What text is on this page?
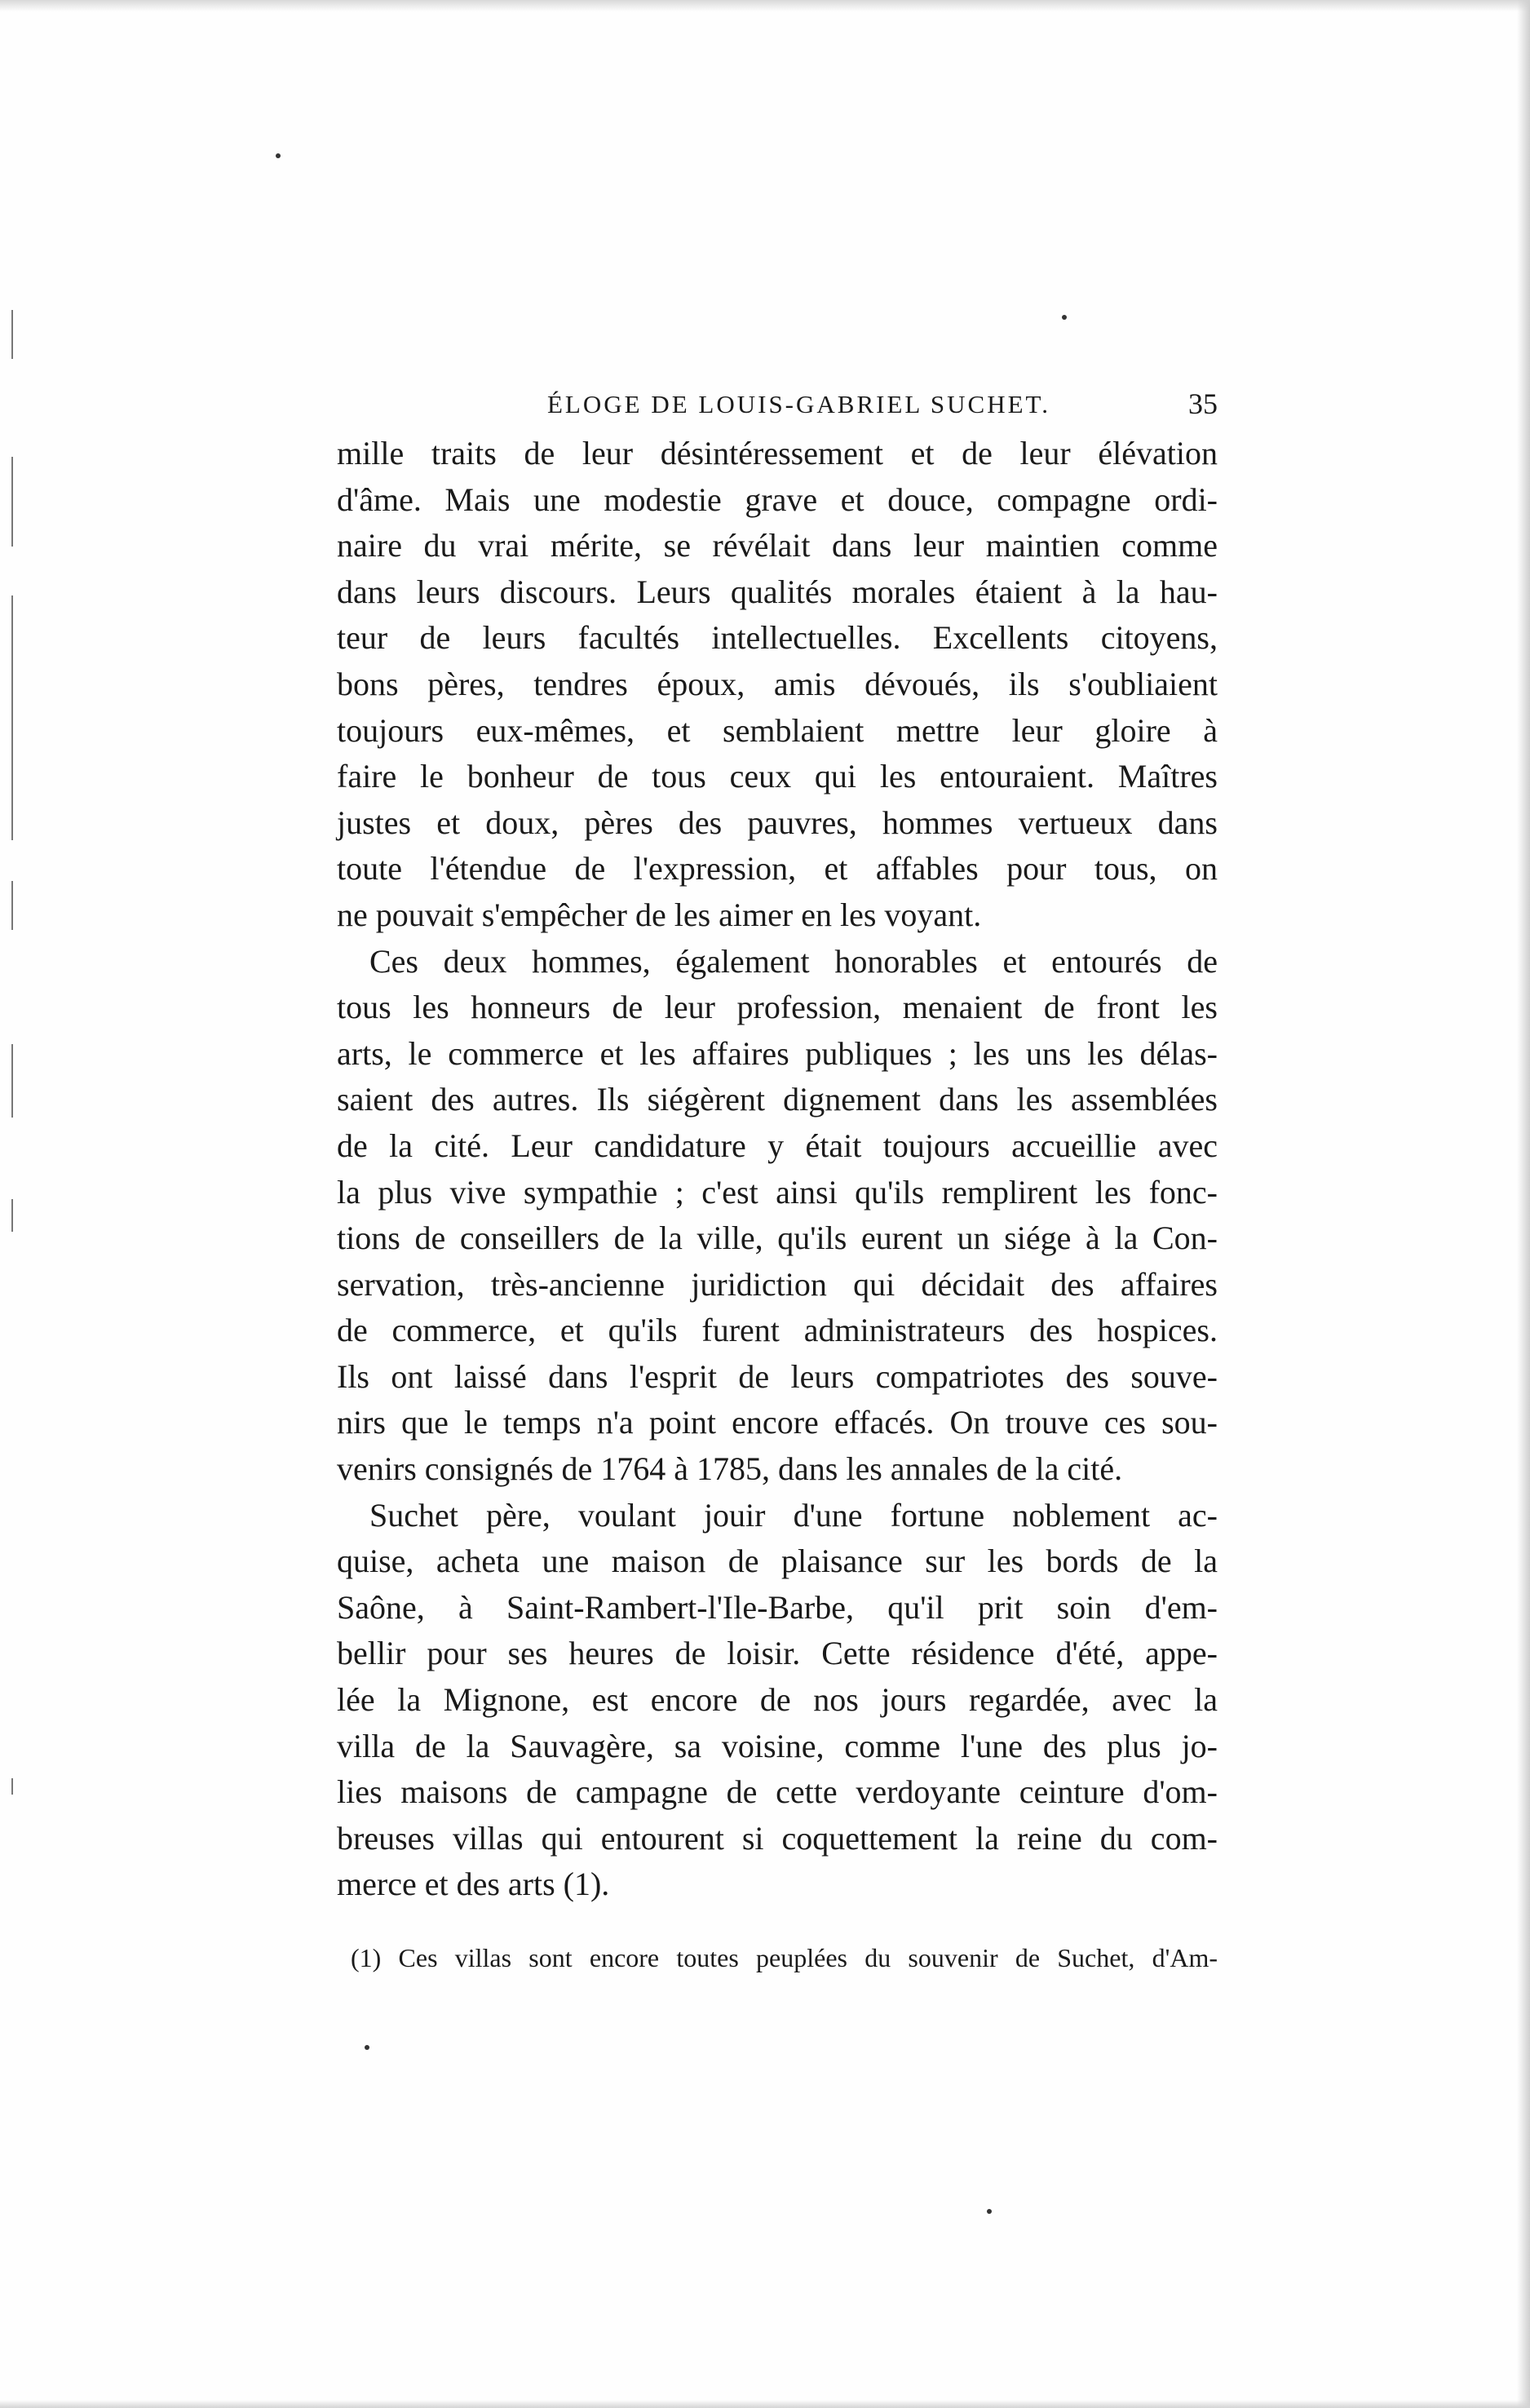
ÉLOGE DE LOUIS-GABRIEL SUCHET.	35
mille traits de leur désintéressement et de leur élévation
d'âme. Mais une modestie grave et douce, compagne ordi-
naire du vrai mérite, se révélait dans leur maintien comme
dans leurs discours. Leurs qualités morales étaient à la hau-
teur de leurs facultés intellectuelles. Excellents citoyens,
bons pères, tendres époux, amis dévoués, ils s'oubliaient
toujours eux-mêmes, et semblaient mettre leur gloire à
faire le bonheur de tous ceux qui les entouraient. Maîtres
justes et doux, pères des pauvres, hommes vertueux dans
toute l'étendue de l'expression, et affables pour tous, on
ne pouvait s'empêcher de les aimer en les voyant.
Ces deux hommes, également honorables et entourés de
tous les honneurs de leur profession, menaient de front les
arts, le commerce et les affaires publiques ; les uns les délas-
saient des autres. Ils siégèrent dignement dans les assemblées
de la cité. Leur candidature y était toujours accueillie avec
la plus vive sympathie ; c'est ainsi qu'ils remplirent les fonc-
tions de conseillers de la ville, qu'ils eurent un siége à la Con-
servation, très-ancienne juridiction qui décidait des affaires
de commerce, et qu'ils furent administrateurs des hospices.
Ils ont laissé dans l'esprit de leurs compatriotes des souve-
nirs que le temps n'a point encore effacés. On trouve ces sou-
venirs consignés de 1764 à 1785, dans les annales de la cité.
Suchet père, voulant jouir d'une fortune noblement ac-
quise, acheta une maison de plaisance sur les bords de la
Saône, à Saint-Rambert-l'Ile-Barbe, qu'il prit soin d'em-
bellir pour ses heures de loisir. Cette résidence d'été, appe-
lée la Mignone, est encore de nos jours regardée, avec la
villa de la Sauvagère, sa voisine, comme l'une des plus jo-
lies maisons de campagne de cette verdoyante ceinture d'om-
breuses villas qui entourent si coquettement la reine du com-
merce et des arts (1).
(1) Ces villas sont encore toutes peuplées du souvenir de Suchet, d'Am-
